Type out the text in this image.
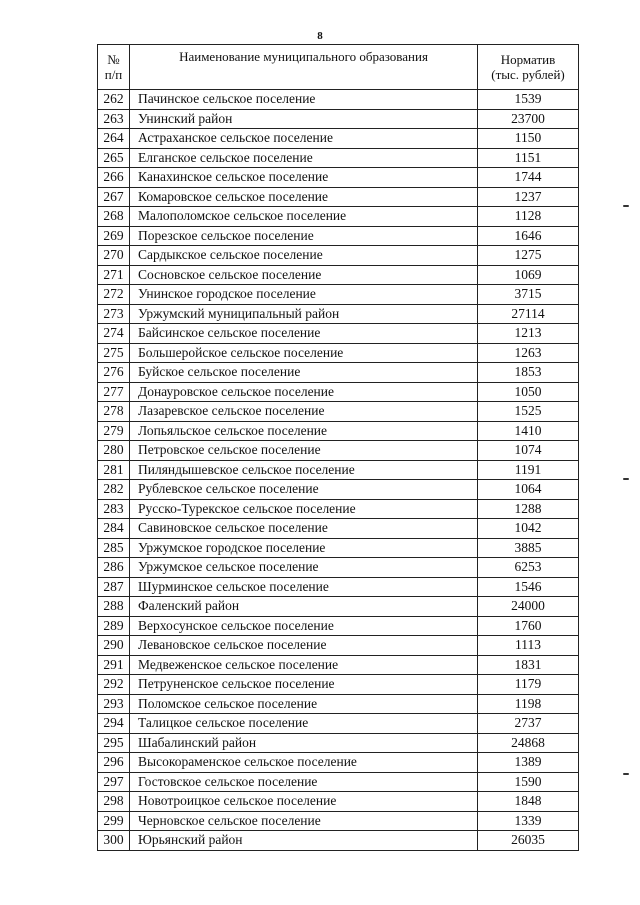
8
№
п/п	Наименование муниципального образования	Норматив
(тыс. рублей)
262	Пачинское сельское поселение	1539
263	Унинский район	23700
264	Астраханское сельское поселение	1150
265	Елганское сельское поселение	1151
266	Канахинское сельское поселение	1744
267	Комаровское сельское поселение	1237
268	Малополомское сельское поселение	1128
269	Порезское сельское поселение	1646
270	Сардыкское сельское поселение	1275
271	Сосновское сельское поселение	1069
272	Унинское городское поселение	3715
273	Уржумский муниципальный район	27114
274	Байсинское сельское поселение	1213
275	Большеройское сельское поселение	1263
276	Буйское сельское поселение	1853
277	Донауровское сельское поселение	1050
278	Лазаревское сельское поселение	1525
279	Лопьяльское сельское поселение	1410
280	Петровское сельское поселение	1074
281	Пиляндышевское сельское поселение	1191
282	Рублевское сельское поселение	1064
283	Русско-Турекское сельское поселение	1288
284	Савиновское сельское поселение	1042
285	Уржумское городское поселение	3885
286	Уржумское сельское поселение	6253
287	Шурминское сельское поселение	1546
288	Фаленский район	24000
289	Верхосунское сельское поселение	1760
290	Левановское сельское поселение	1113
291	Медвеженское сельское поселение	1831
292	Петруненское сельское поселение	1179
293	Поломское сельское поселение	1198
294	Талицкое сельское поселение	2737
295	Шабалинский район	24868
296	Высокораменское сельское поселение	1389
297	Гостовское сельское поселение	1590
298	Новотроицкое сельское поселение	1848
299	Черновское сельское поселение	1339
300	Юрьянский район	26035
